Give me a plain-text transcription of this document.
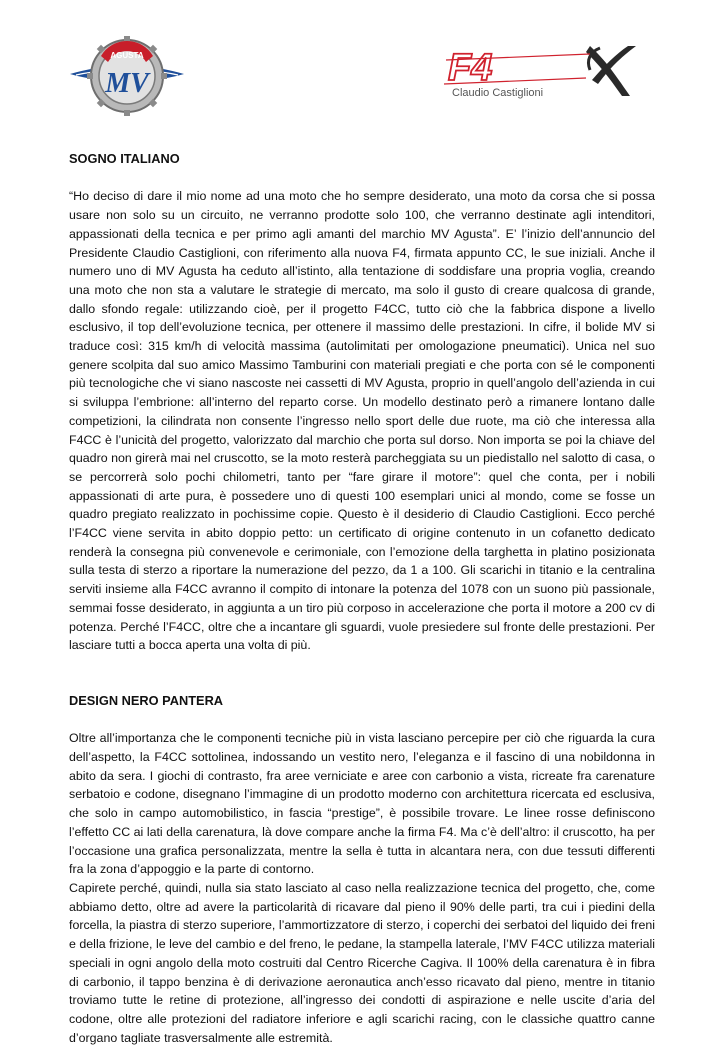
AGUSTA
MV	F4
Claudio Castiglioni
SOGNO ITALIANO

“Ho deciso di dare il mio nome ad una moto che ho sempre desiderato, una moto da corsa che si possa usare non solo su un circuito, ne verranno prodotte solo 100, che verranno destinate agli intenditori, appassionati della tecnica e per primo agli amanti del marchio MV Agusta”. E’ l’inizio dell’annuncio del Presidente Claudio Castiglioni, con riferimento alla nuova F4, firmata appunto CC, le sue iniziali. Anche il numero uno di MV Agusta ha ceduto all’istinto, alla tentazione di soddisfare una propria voglia, creando una moto che non sta a valutare le strategie di mercato, ma solo il gusto di creare qualcosa di grande, dallo sfondo regale: utilizzando cioè, per il progetto F4CC, tutto ciò che la fabbrica dispone a livello esclusivo, il top dell’evoluzione tecnica, per ottenere il massimo delle prestazioni. In cifre, il bolide MV si traduce così: 315 km/h di velocità massima (autolimitati per omologazione pneumatici). Unica nel suo genere scolpita dal suo amico Massimo Tamburini con materiali pregiati e che porta con sé le componenti più tecnologiche che vi siano nascoste nei cassetti di MV Agusta, proprio in quell’angolo dell’azienda in cui si sviluppa l’embrione: all’interno del reparto corse. Un modello destinato però a rimanere lontano dalle competizioni, la cilindrata non consente l’ingresso nello sport delle due ruote, ma ciò che interessa alla F4CC è l’unicità del progetto, valorizzato dal marchio che porta sul dorso. Non importa se poi la chiave del quadro non girerà mai nel cruscotto, se la moto resterà parcheggiata su un piedistallo nel salotto di casa, o se percorrerà solo pochi chilometri, tanto per “fare girare il motore”: quel che conta, per i nobili appassionati di arte pura, è possedere uno di questi 100 esemplari unici al mondo, come se fosse un quadro pregiato realizzato in pochissime copie. Questo è il desiderio di Claudio Castiglioni. Ecco perché l’F4CC viene servita in abito doppio petto: un certificato di origine contenuto in un cofanetto dedicato renderà la consegna più convenevole e cerimoniale, con l’emozione della targhetta in platino posizionata sulla testa di sterzo a riportare la numerazione del pezzo, da 1 a 100. Gli scarichi in titanio e la centralina serviti insieme alla F4CC avranno il compito di intonare la potenza del 1078 con un suono più passionale, semmai fosse desiderato, in aggiunta a un tiro più corposo in accelerazione che porta il motore a 200 cv di potenza. Perché l’F4CC, oltre che a incantare gli sguardi, vuole presiedere sul fronte delle prestazioni. Per lasciare tutti a bocca aperta una volta di più.

DESIGN NERO PANTERA

Oltre all’importanza che le componenti tecniche più in vista lasciano percepire per ciò che riguarda la cura dell’aspetto, la F4CC sottolinea, indossando un vestito nero, l’eleganza e il fascino di una nobildonna in abito da sera. I giochi di contrasto, fra aree verniciate e aree con carbonio a vista, ricreate fra carenature serbatoio e codone, disegnano l’immagine di un prodotto moderno con architettura ricercata ed esclusiva, che solo in campo automobilistico, in fascia “prestige”, è possibile trovare. Le linee rosse definiscono l’effetto CC ai lati della carenatura, là dove compare anche la firma F4. Ma c’è dell’altro: il cruscotto, ha per l’occasione una grafica personalizzata, mentre la sella è tutta in alcantara nera, con due tessuti differenti fra la zona d’appoggio e la parte di contorno.

Capirete perché, quindi, nulla sia stato lasciato al caso nella realizzazione tecnica del progetto, che, come abbiamo detto, oltre ad avere la particolarità di ricavare dal pieno il 90% delle parti, tra cui i piedini della forcella, la piastra di sterzo superiore, l’ammortizzatore di sterzo, i coperchi dei serbatoi del liquido dei freni e della frizione, le leve del cambio e del freno, le pedane, la stampella laterale, l’MV F4CC utilizza materiali speciali in ogni angolo della moto costruiti dal Centro Ricerche Cagiva. Il 100% della carenatura è in fibra di carbonio, il tappo benzina è di derivazione aeronautica anch’esso ricavato dal pieno, mentre in titanio troviamo tutte le retine di protezione, all’ingresso dei condotti di aspirazione e nelle uscite d’aria del codone, oltre alle protezioni del radiatore inferiore e agli scarichi racing, con le classiche quattro canne d’organo tagliate trasversalmente alle estremità.
